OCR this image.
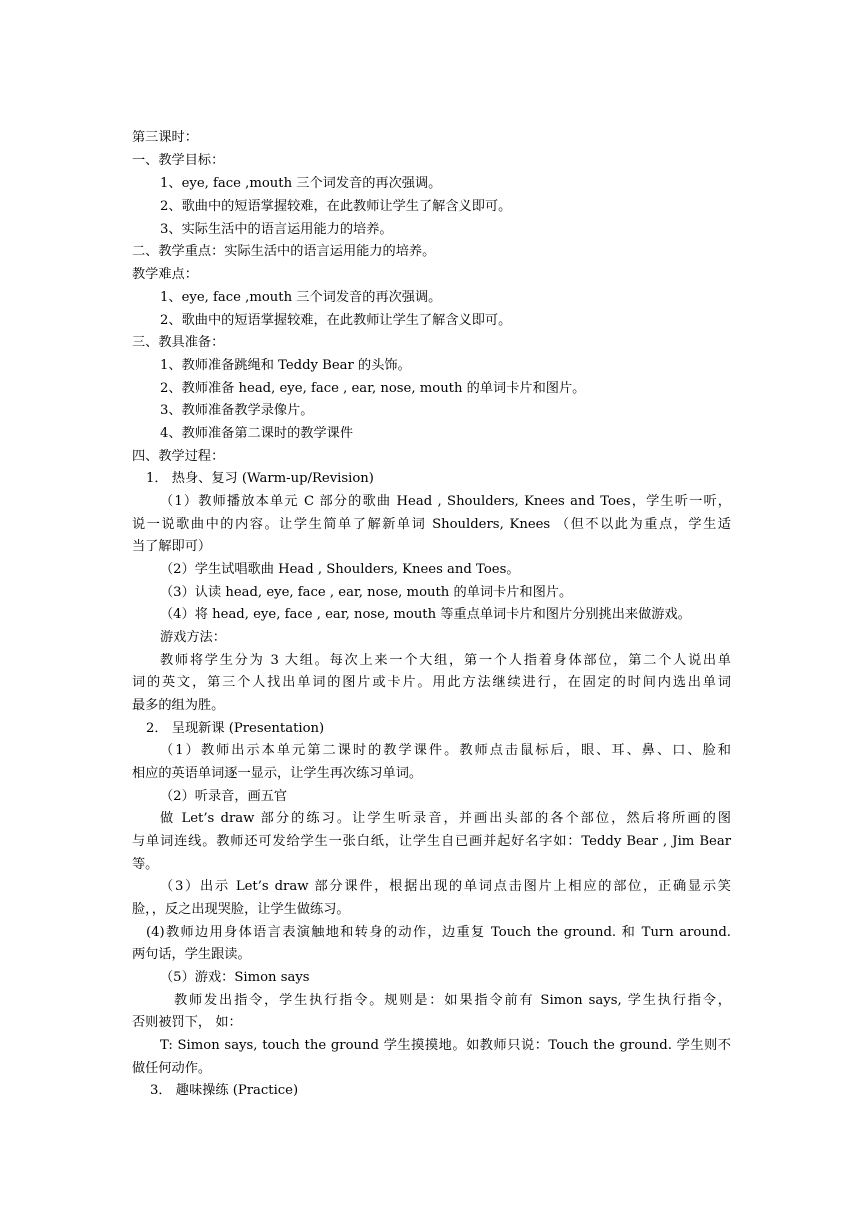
第三课时：
一、教学目标：
1、eye, face ,mouth 三个词发音的再次强调。
2、歌曲中的短语掌握较难，在此教师让学生了解含义即可。
3、实际生活中的语言运用能力的培养。
二、教学重点：实际生活中的语言运用能力的培养。
教学难点：
1、eye, face ,mouth 三个词发音的再次强调。
2、歌曲中的短语掌握较难，在此教师让学生了解含义即可。
三、教具准备：
1、教师准备跳绳和 Teddy Bear 的头饰。
2、教师准备 head, eye, face , ear, nose, mouth 的单词卡片和图片。
3、教师准备教学录像片。
4、教师准备第二课时的教学课件
四、教学过程：
1． 热身、复习 (Warm-up/Revision)
（1）教师播放本单元 C 部分的歌曲 Head , Shoulders, Knees and Toes，学生听一听，
说一说歌曲中的内容。让学生简单了解新单词 Shoulders, Knees （但不以此为重点，学生适
当了解即可）
（2）学生试唱歌曲 Head , Shoulders, Knees and Toes。
（3）认读 head, eye, face , ear, nose, mouth 的单词卡片和图片。
（4）将 head, eye, face , ear, nose, mouth 等重点单词卡片和图片分别挑出来做游戏。
游戏方法：
教师将学生分为 3 大组。每次上来一个大组，第一个人指着身体部位，第二个人说出单
词的英文，第三个人找出单词的图片或卡片。用此方法继续进行，在固定的时间内选出单词
最多的组为胜。
2． 呈现新课 (Presentation)
（1）教师出示本单元第二课时的教学课件。教师点击鼠标后，眼、耳、鼻、口、脸和
相应的英语单词逐一显示，让学生再次练习单词。
（2）听录音，画五官
做 Let’s draw 部分的练习。让学生听录音，并画出头部的各个部位，然后将所画的图
与单词连线。教师还可发给学生一张白纸，让学生自已画并起好名字如：Teddy Bear , Jim Bear
等。
（3）出示 Let’s draw 部分课件，根据出现的单词点击图片上相应的部位，正确显示笑
脸，，反之出现哭脸，让学生做练习。
(4)教师边用身体语言表演触地和转身的动作，边重复 Touch the ground. 和 Turn around.
两句话，学生跟读。
（5）游戏：Simon says
教师发出指令，学生执行指令。规则是：如果指令前有 Simon says, 学生执行指令，
否则被罚下， 如：
T: Simon says, touch the ground 学生摸摸地。如教师只说：Touch the ground. 学生则不
做任何动作。
3． 趣味操练 (Practice)
